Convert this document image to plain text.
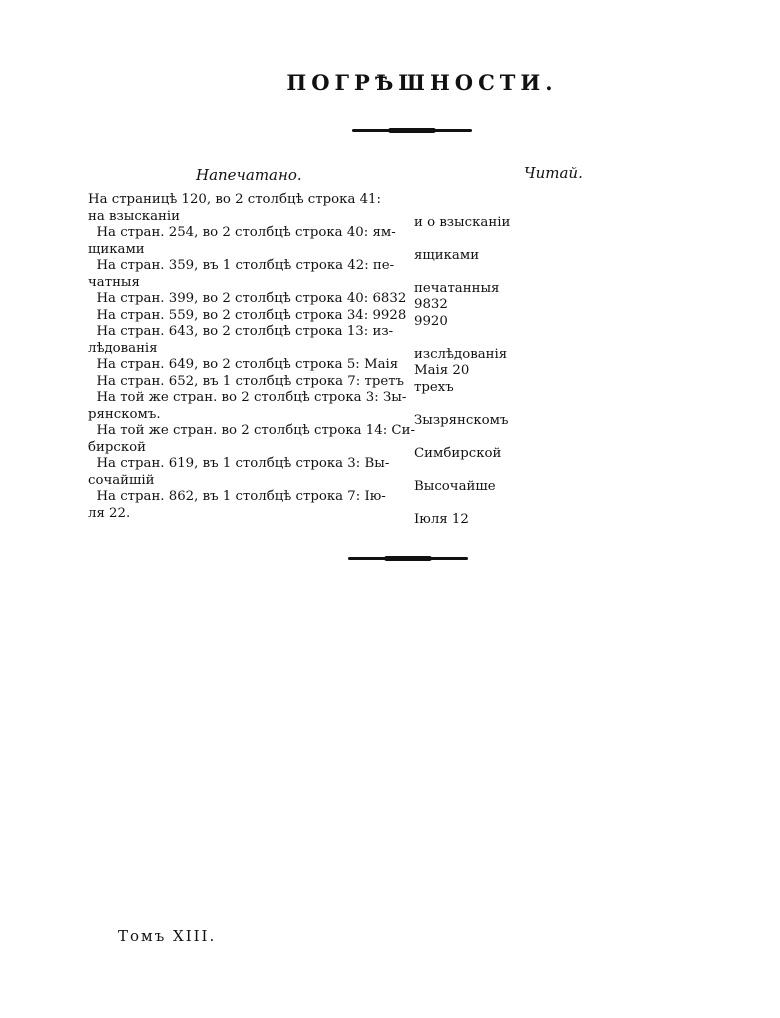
ПОГРѢШНОСТИ.
Напечатано.	Читай.
На страницѣ 120, во 2 столбцѣ строка 41:
на взысканіи
На стран. 254, во 2 столбцѣ строка 40: ям-
щиками
На стран. 359, въ 1 столбцѣ строка 42: пе-
чатныя
На стран. 399, во 2 столбцѣ строка 40: 6832
На стран. 559, во 2 столбцѣ строка 34: 9928
На стран. 643, во 2 столбцѣ строка 13: из-
лѣдованія
На стран. 649, во 2 столбцѣ строка 5: Маія
На стран. 652, въ 1 столбцѣ строка 7: третъ
На той же стран. во 2 столбцѣ строка 3: Зы-
рянскомъ.
На той же стран. во 2 столбцѣ строка 14: Си-
бирской
На стран. 619, въ 1 столбцѣ строка 3: Вы-
сочайшій
На стран. 862, въ 1 столбцѣ строка 7: Ію-
ля 22.
и о взысканіи
ящиками
печатанныя
9832
9920
изслѣдованія
Маія 20
трехъ
Зызрянскомъ
Симбирской
Высочайше
Іюля 12
Томъ XIII.
